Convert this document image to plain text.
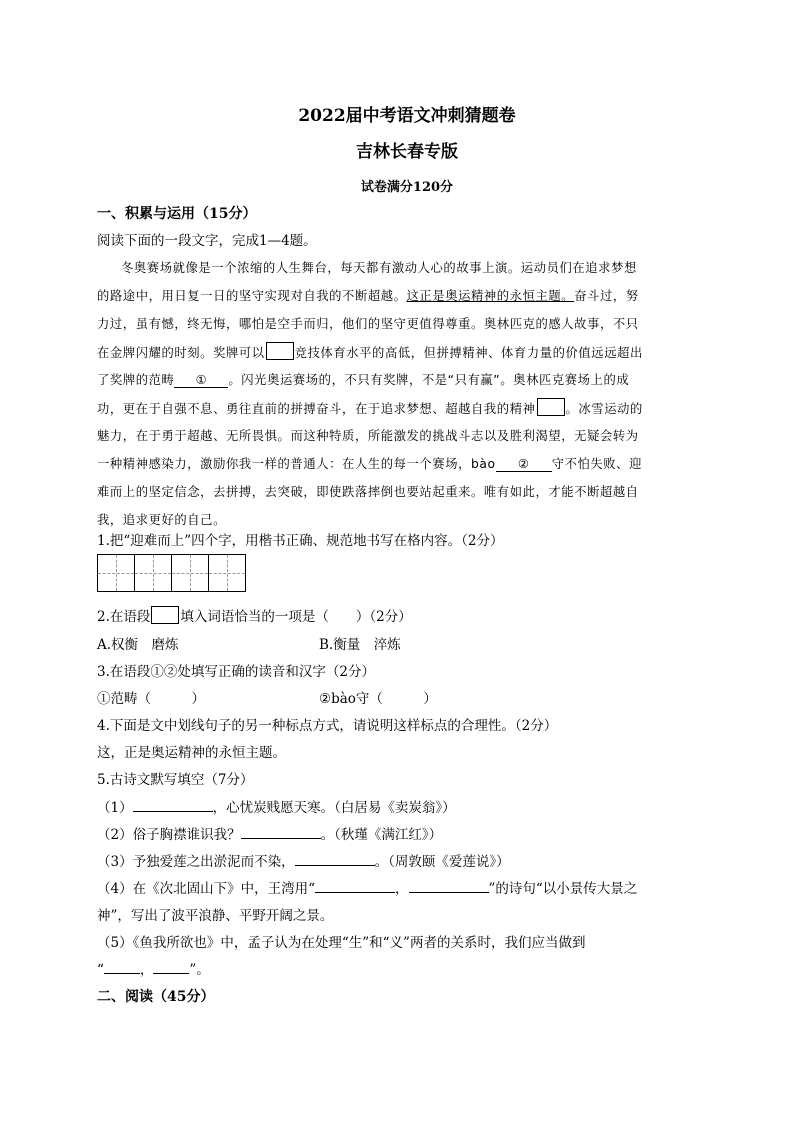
2022届中考语文冲刺猜题卷
吉林长春专版
试卷满分120分
一、积累与运用（15分）
阅读下面的一段文字，完成1—4题。
冬奥赛场就像是一个浓缩的人生舞台，每天都有激动人心的故事上演。运动员们在追求梦想
的路途中，用日复一日的坚守实现对自我的不断超越。这正是奥运精神的永恒主题。奋斗过，努
力过，虽有憾，终无悔，哪怕是空手而归，他们的坚守更值得尊重。奥林匹克的感人故事，不只
在金牌闪耀的时刻。奖牌可以 竞技体育水平的高低，但拼搏精神、体育力量的价值远远超出
了奖牌的范畴 ① 。闪光奥运赛场的，不只有奖牌，不是“只有赢”。奥林匹克赛场上的成
功，更在于自强不息、勇往直前的拼搏奋斗，在于追求梦想、超越自我的精神 。冰雪运动的
魅力，在于勇于超越、无所畏惧。而这种特质，所能激发的挑战斗志以及胜利渴望，无疑会转为
一种精神感染力，激励你我一样的普通人：在人生的每一个赛场，bào ② 守不怕失败、迎
难而上的坚定信念，去拼搏，去突破，即使跌落摔倒也要站起重来。唯有如此，才能不断超越自
我，追求更好的自己。
1.把“迎难而上”四个字，用楷书正确、规范地书写在格内容。（2分）
2.在语段 填入词语恰当的一项是（　　）（2分）
A.权衡　磨炼	B.衡量　淬炼
3.在语段①②处填写正确的读音和汉字（2分）
①范畴（　　　）	②bào守（　　　）
4.下面是文中划线句子的另一种标点方式，请说明这样标点的合理性。（2分）
这，正是奥运精神的永恒主题。
5.古诗文默写填空（7分）
（1）	，心忧炭贱愿天寒。（白居易《卖炭翁》）
（2）俗子胸襟谁识我？	。（秋瑾《满江红》）
（3）予独爱莲之出淤泥而不染，	。（周敦颐《爱莲说》）
（4）在《次北固山下》中，王湾用“	，	”的诗句“以小景传大景之
神”，写出了波平浪静、平野开阔之景。
（5）《鱼我所欲也》中，孟子认为在处理“生”和“义”两者的关系时，我们应当做到
“	，	”。
二、阅读（45分）
